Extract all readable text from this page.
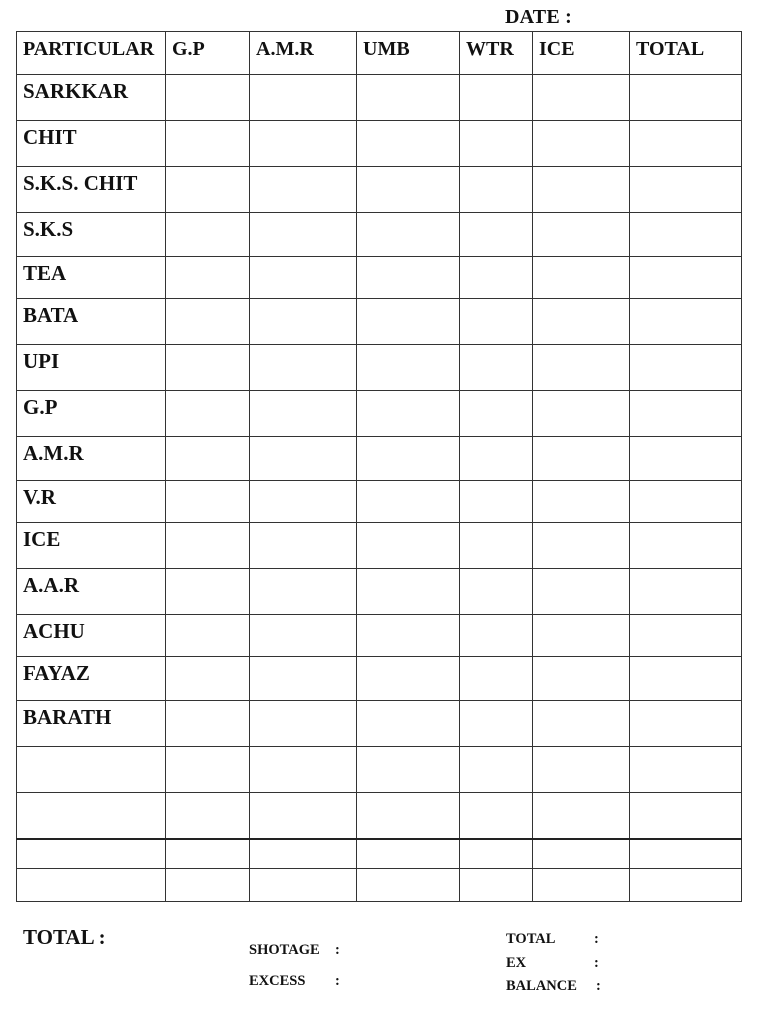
DATE :
PARTICULAR	G.P	A.M.R	UMB	WTR	ICE	TOTAL
SARKKAR						
CHIT						
S.K.S. CHIT						
S.K.S						
TEA						
BATA						
UPI						
G.P						
A.M.R						
V.R						
ICE						
A.A.R						
ACHU						
FAYAZ						
BARATH						

TOTAL :
SHOTAGE :
EXCESS :
TOTAL	:
EX	:
BALANCE :
